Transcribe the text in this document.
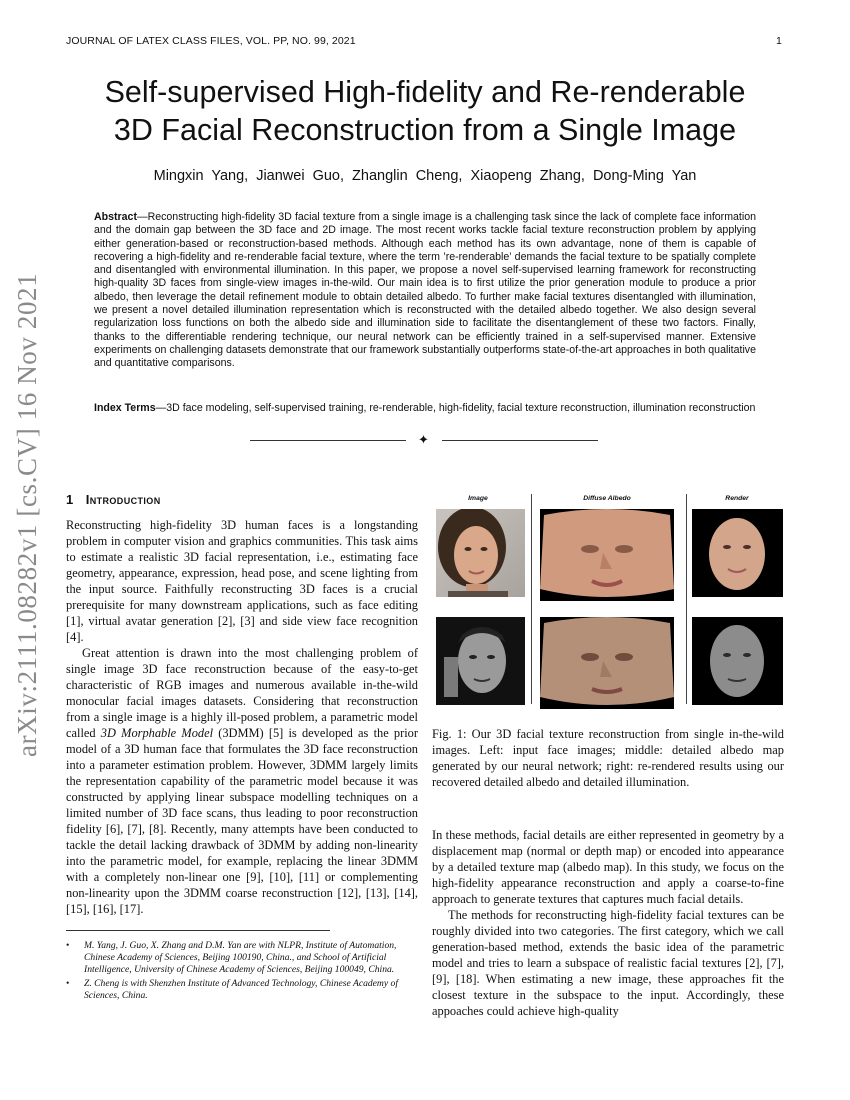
JOURNAL OF LATEX CLASS FILES, VOL. PP, NO. 99, 2021	1
Self-supervised High-fidelity and Re-renderable
3D Facial Reconstruction from a Single Image
Mingxin Yang, Jianwei Guo, Zhanglin Cheng, Xiaopeng Zhang, Dong-Ming Yan
Abstract—Reconstructing high-fidelity 3D facial texture from a single image is a challenging task since the lack of complete face information and the domain gap between the 3D face and 2D image. The most recent works tackle facial texture reconstruction problem by applying either generation-based or reconstruction-based methods. Although each method has its own advantage, none of them is capable of recovering a high-fidelity and re-renderable facial texture, where the term ’re-renderable’ demands the facial texture to be spatially complete and disentangled with environmental illumination. In this paper, we propose a novel self-supervised learning framework for reconstructing high-quality 3D faces from single-view images in-the-wild. Our main idea is to first utilize the prior generation module to produce a prior albedo, then leverage the detail refinement module to obtain detailed albedo. To further make facial textures disentangled with illumination, we present a novel detailed illumination representation which is reconstructed with the detailed albedo together. We also design several regularization loss functions on both the albedo side and illumination side to facilitate the disentanglement of these two factors. Finally, thanks to the differentiable rendering technique, our neural network can be efficiently trained in a self-supervised manner. Extensive experiments on challenging datasets demonstrate that our framework substantially outperforms state-of-the-art approaches in both qualitative and quantitative comparisons.
Index Terms—3D face modeling, self-supervised training, re-renderable, high-fidelity, facial texture reconstruction, illumination reconstruction
✦
1 Introduction

Reconstructing high-fidelity 3D human faces is a longstanding problem in computer vision and graphics communities. This task aims to estimate a realistic 3D facial representation, i.e., estimating face geometry, appearance, expression, head pose, and scene lighting from the input source. Faithfully reconstructing 3D faces is a crucial prerequisite for many downstream applications, such as face editing [1], virtual avatar generation [2], [3] and side view face recognition [4].

Great attention is drawn into the most challenging problem of single image 3D face reconstruction because of the easy-to-get characteristic of RGB images and numerous available in-the-wild monocular facial images datasets. Considering that reconstruction from a single image is a highly ill-posed problem, a parametric model called 3D Morphable Model (3DMM) [5] is developed as the prior model of a 3D human face that formulates the 3D face reconstruction into a parameter estimation problem. However, 3DMM largely limits the representation capability of the parametric model because it was constructed by applying linear subspace modelling techniques on a limited number of 3D face scans, thus leading to poor reconstruction fidelity [6], [7], [8]. Recently, many attempts have been conducted to tackle the detail lacking drawback of 3DMM by adding non-linearity into the parametric model, for example, replacing the linear 3DMM with a completely non-linear one [9], [10], [11] or complementing non-linearity upon the 3DMM coarse reconstruction [12], [13], [14], [15], [16], [17].

• M. Yang, J. Guo, X. Zhang and D.M. Yan are with NLPR, Institute of Automation, Chinese Academy of Sciences, Beijing 100190, China., and School of Artificial Intelligence, University of Chinese Academy of Sciences, Beijing 100049, China.
• Z. Cheng is with Shenzhen Institute of Advanced Technology, Chinese Academy of Sciences, China.
arXiv:2111.08282v1 [cs.CV] 16 Nov 2021	Image	Diffuse Albedo	Render
Fig. 1: Our 3D facial texture reconstruction from single in-the-wild images. Left: input face images; middle: detailed albedo map generated by our neural network; right: re-rendered results using our recovered detailed albedo and detailed illumination.

In these methods, facial details are either represented in geometry by a displacement map (normal or depth map) or encoded into appearance by a detailed texture map (albedo map). In this study, we focus on the high-fidelity appearance reconstruction and apply a coarse-to-fine approach to generate textures that captures much facial details.

The methods for reconstructing high-fidelity facial textures can be roughly divided into two categories. The first category, which we call generation-based method, extends the basic idea of the parametric model and tries to learn a subspace of realistic facial textures [2], [7], [9], [18]. When estimating a new image, these approaches fit the closest texture in the subspace to the input. Accordingly, these appoaches could achieve high-quality
